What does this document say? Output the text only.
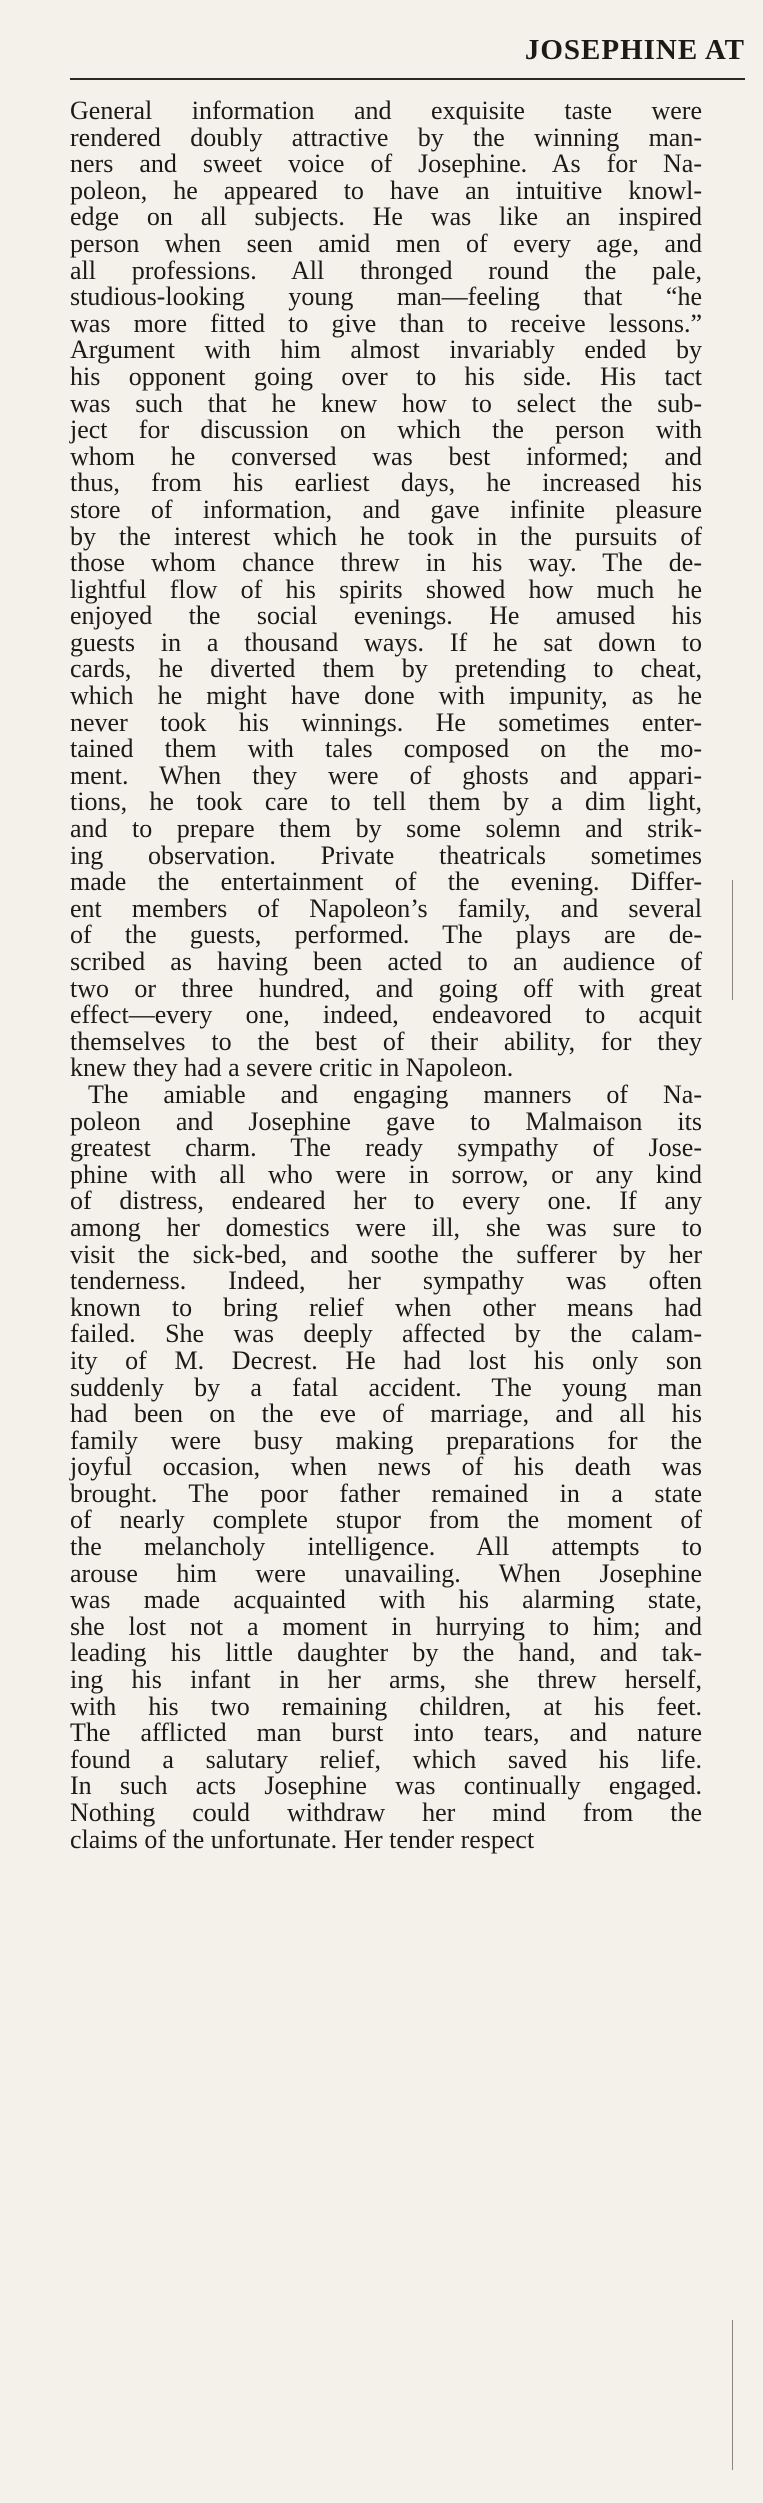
JOSEPHINE AT
General information and exquisite taste were
rendered doubly attractive by the winning man-
ners and sweet voice of Josephine. As for Na-
poleon, he appeared to have an intuitive knowl-
edge on all subjects. He was like an inspired
person when seen amid men of every age, and
all professions. All thronged round the pale,
studious-looking young man—feeling that “he
was more fitted to give than to receive lessons.”
Argument with him almost invariably ended by
his opponent going over to his side. His tact
was such that he knew how to select the sub-
ject for discussion on which the person with
whom he conversed was best informed; and
thus, from his earliest days, he increased his
store of information, and gave infinite pleasure
by the interest which he took in the pursuits of
those whom chance threw in his way. The de-
lightful flow of his spirits showed how much he
enjoyed the social evenings. He amused his
guests in a thousand ways. If he sat down to
cards, he diverted them by pretending to cheat,
which he might have done with impunity, as he
never took his winnings. He sometimes enter-
tained them with tales composed on the mo-
ment. When they were of ghosts and appari-
tions, he took care to tell them by a dim light,
and to prepare them by some solemn and strik-
ing observation. Private theatricals sometimes
made the entertainment of the evening. Differ-
ent members of Napoleon’s family, and several
of the guests, performed. The plays are de-
scribed as having been acted to an audience of
two or three hundred, and going off with great
effect—every one, indeed, endeavored to acquit
themselves to the best of their ability, for they
knew they had a severe critic in Napoleon.
The amiable and engaging manners of Na-
poleon and Josephine gave to Malmaison its
greatest charm. The ready sympathy of Jose-
phine with all who were in sorrow, or any kind
of distress, endeared her to every one. If any
among her domestics were ill, she was sure to
visit the sick-bed, and soothe the sufferer by her
tenderness. Indeed, her sympathy was often
known to bring relief when other means had
failed. She was deeply affected by the calam-
ity of M. Decrest. He had lost his only son
suddenly by a fatal accident. The young man
had been on the eve of marriage, and all his
family were busy making preparations for the
joyful occasion, when news of his death was
brought. The poor father remained in a state
of nearly complete stupor from the moment of
the melancholy intelligence. All attempts to
arouse him were unavailing. When Josephine
was made acquainted with his alarming state,
she lost not a moment in hurrying to him; and
leading his little daughter by the hand, and tak-
ing his infant in her arms, she threw herself,
with his two remaining children, at his feet.
The afflicted man burst into tears, and nature
found a salutary relief, which saved his life.
In such acts Josephine was continually engaged.
Nothing could withdraw her mind from the
claims of the unfortunate. Her tender respect
